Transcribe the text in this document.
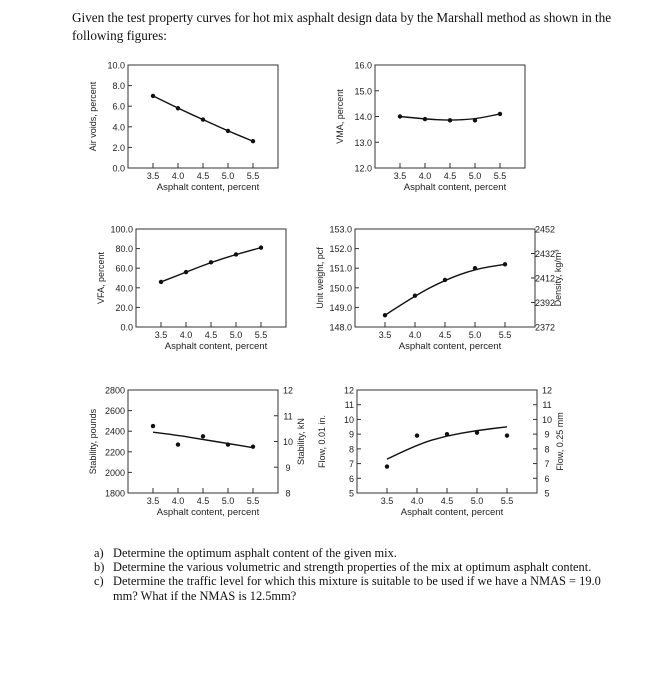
Given the test property curves for hot mix asphalt design data by the Marshall method as shown in the following figures:

0.0
2.0
4.0
6.0
8.0
10.0
3.5 4.0 4.5 5.0 5.5
Asphalt content, percent
Air voids, percent
12.0
13.0
14.0
15.0
16.0
3.5 4.0 4.5 5.0 5.5
Asphalt content, percent
VMA, percent
0.0
20.0
40.0
60.0
80.0
100.0
3.5 4.0 4.5 5.0 5.5
Asphalt content, percent
VFA, percent
148.0
149.0
150.0
151.0
152.0
153.0
3.5 4.0 4.5 5.0 5.5
Asphalt content, percent
Unit weight, pcf
2372
2392
2412
2432
2452
Density, kg/m³
1800
2000
2200
2400
2600
2800
3.5 4.0 4.5 5.0 5.5
Asphalt content, percent
Stability, pounds
8
9
10
11
12
Stability, kN
5
6
7
8
9
10
11
12
3.5 4.0 4.5 5.0 5.5
Asphalt content, percent
Flow, 0.01 in.
5
6
7
8
9
10
11
12
Flow, 0.25 mm
a) Determine the optimum asphalt content of the given mix.
b) Determine the various volumetric and strength properties of the mix at optimum asphalt content.
c) Determine the traffic level for which this mixture is suitable to be used if we have a NMAS = 19.0 mm? What if the NMAS is 12.5mm?
